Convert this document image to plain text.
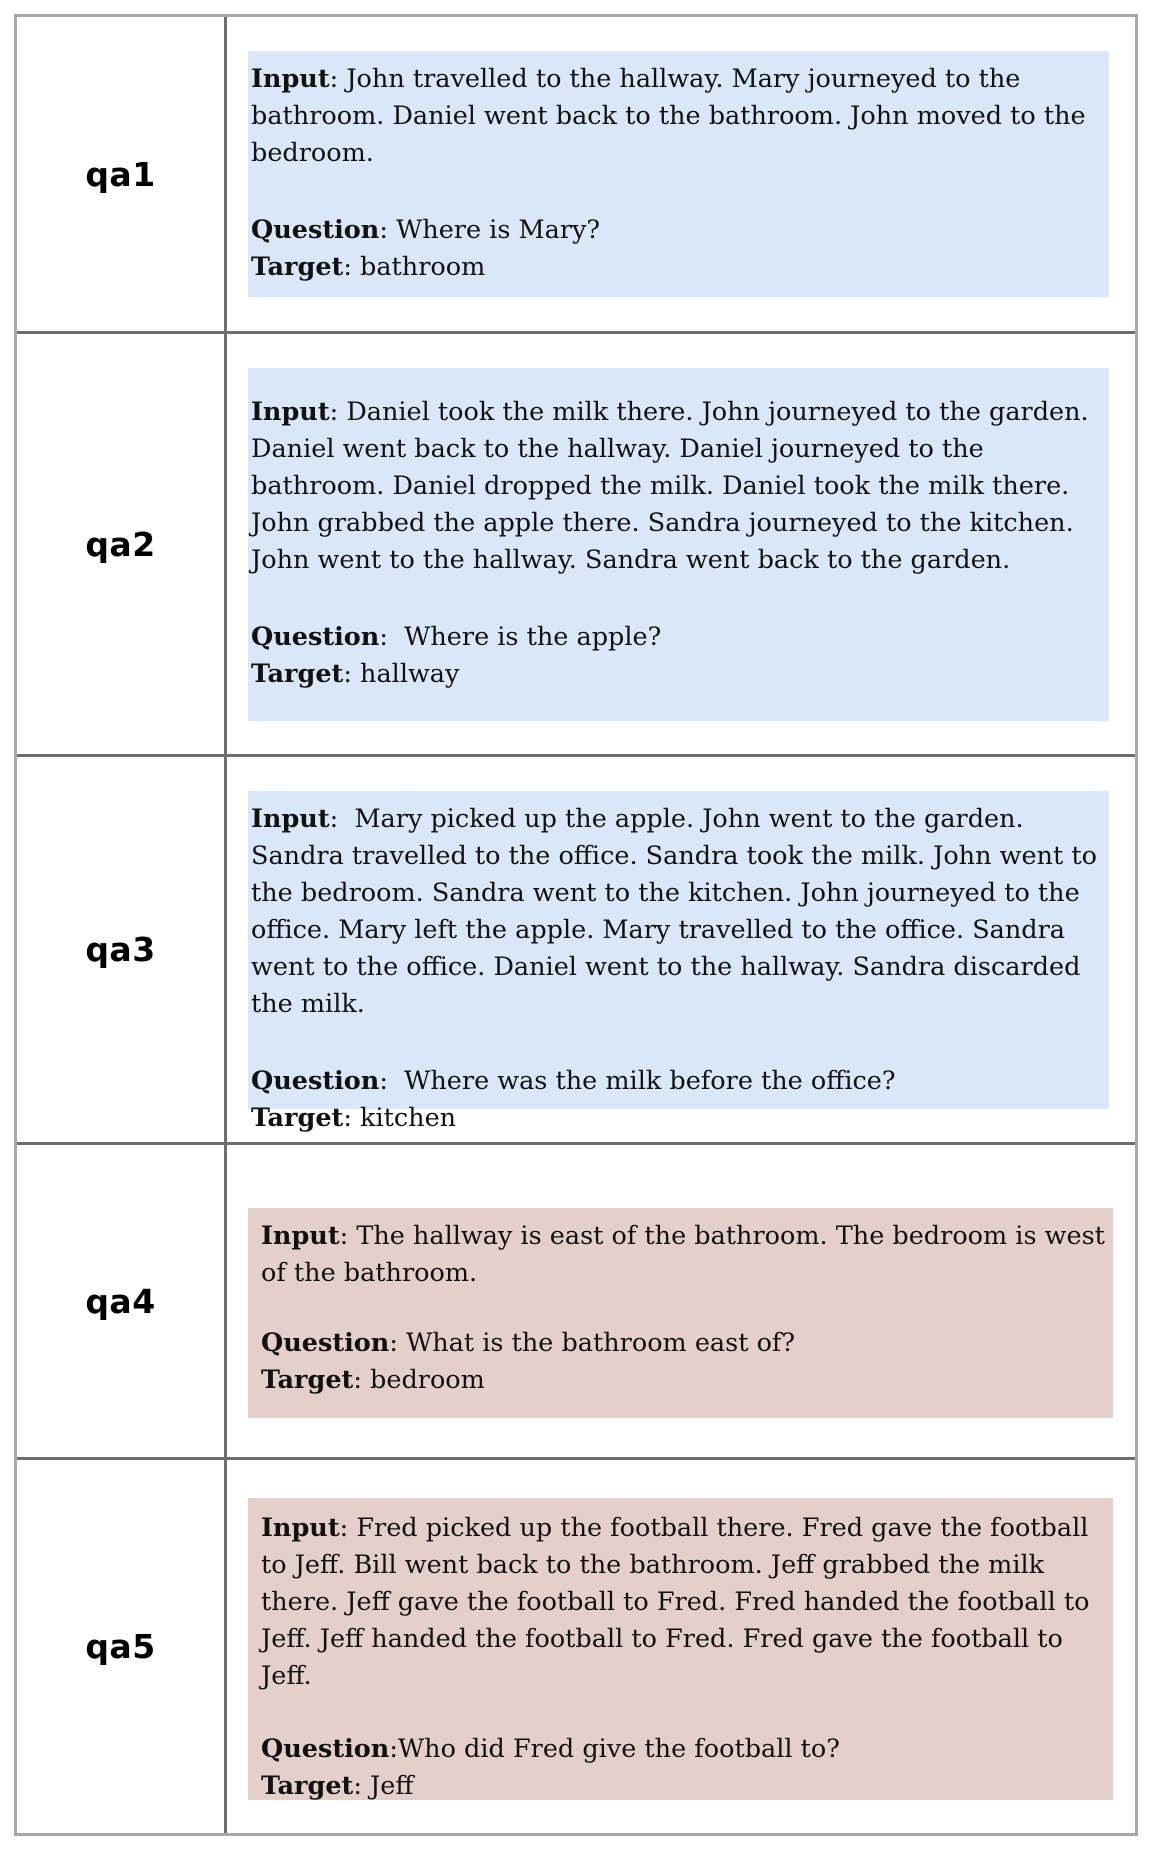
qa1

Input: John travelled to the hallway. Mary journeyed to the bathroom. Daniel went back to the bathroom. John moved to the bedroom.

Question: Where is Mary?

Target: bathroom

qa2

Input: Daniel took the milk there. John journeyed to the garden. Daniel went back to the hallway. Daniel journeyed to the bathroom. Daniel dropped the milk. Daniel took the milk there. John grabbed the apple there. Sandra journeyed to the kitchen. John went to the hallway. Sandra went back to the garden.

Question:  Where is the apple?

Target: hallway

qa3

Input:  Mary picked up the apple. John went to the garden. Sandra travelled to the office. Sandra took the milk. John went to the bedroom. Sandra went to the kitchen. John journeyed to the office. Mary left the apple. Mary travelled to the office. Sandra went to the office. Daniel went to the hallway. Sandra discarded the milk.

Question:  Where was the milk before the office?

Target: kitchen

qa4

Input: The hallway is east of the bathroom. The bedroom is west of the bathroom.

Question: What is the bathroom east of?

Target: bedroom

qa5

Input: Fred picked up the football there. Fred gave the football to Jeff. Bill went back to the bathroom. Jeff grabbed the milk there. Jeff gave the football to Fred. Fred handed the football to Jeff. Jeff handed the football to Fred. Fred gave the football to Jeff.

Question:Who did Fred give the football to?

Target: Jeff
